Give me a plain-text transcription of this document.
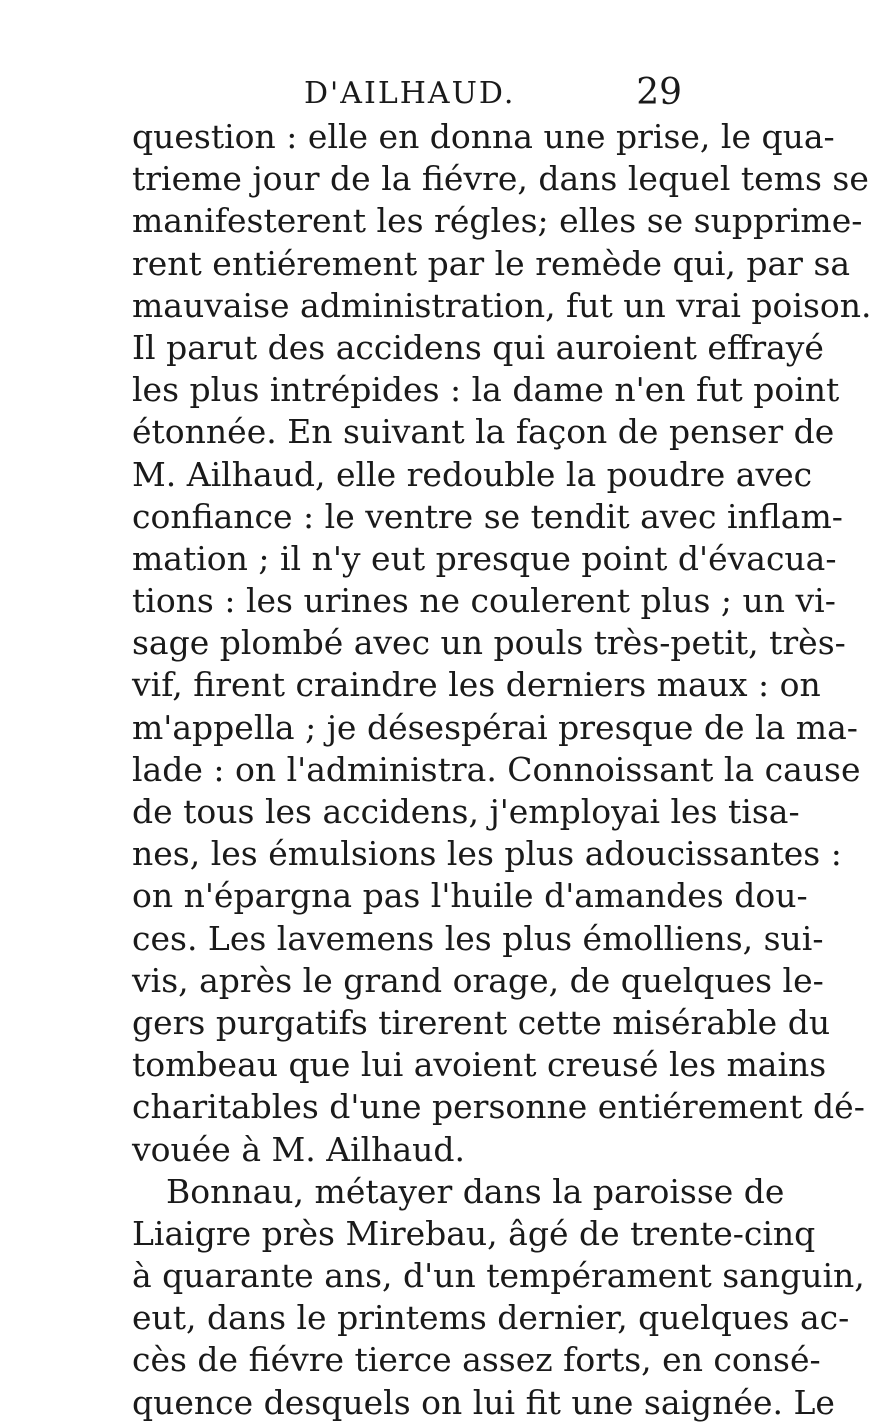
D'AILHAUD.	29
question : elle en donna une prise, le qua-
trieme jour de la fiévre, dans lequel tems se
manifesterent les régles; elles se supprime-
rent entiérement par le remède qui, par sa
mauvaise administration, fut un vrai poison.
Il parut des accidens qui auroient effrayé
les plus intrépides : la dame n'en fut point
étonnée. En suivant la façon de penser de
M. Ailhaud, elle redouble la poudre avec
confiance : le ventre se tendit avec inflam-
mation ; il n'y eut presque point d'évacua-
tions : les urines ne coulerent plus ; un vi-
sage plombé avec un pouls très-petit, très-
vif, firent craindre les derniers maux : on
m'appella ; je désespérai presque de la ma-
lade : on l'administra. Connoissant la cause
de tous les accidens, j'employai les tisa-
nes, les émulsions les plus adoucissantes :
on n'épargna pas l'huile d'amandes dou-
ces. Les lavemens les plus émolliens, sui-
vis, après le grand orage, de quelques le-
gers purgatifs tirerent cette misérable du
tombeau que lui avoient creusé les mains
charitables d'une personne entiérement dé-
vouée à M. Ailhaud.
Bonnau, métayer dans la paroisse de
Liaigre près Mirebau, âgé de trente-cinq
à quarante ans, d'un tempérament sanguin,
eut, dans le printems dernier, quelques ac-
cès de fiévre tierce assez forts, en consé-
quence desquels on lui fit une saignée. Le
